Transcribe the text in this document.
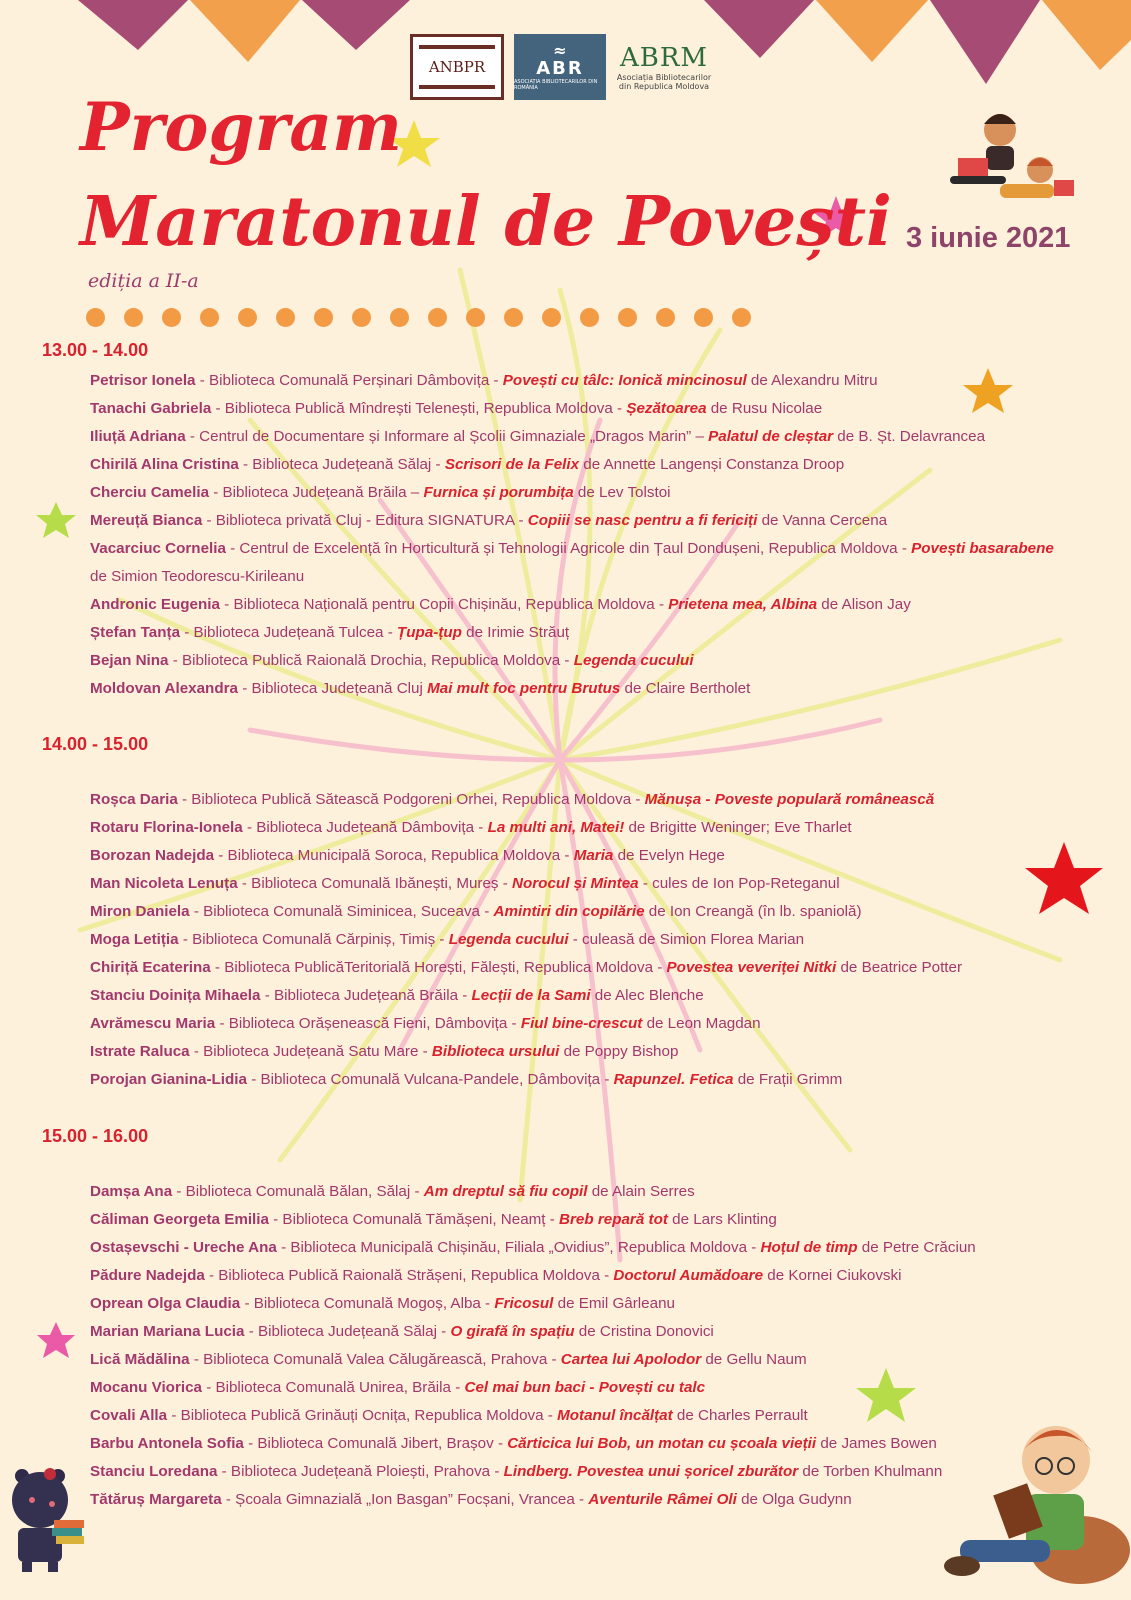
ANBPR
≈
ABR
ASOCIAȚIA BIBLIOTECARILOR DIN ROMÂNIA
ABRM
Asociația Bibliotecarilor din Republica Moldova
Program
Maratonul de Povești
ediția a II-a
3 iunie 2021
13.00 - 14.00
Petrisor Ionela - Biblioteca Comunală Perșinari Dâmbovița - Povești cu tâlc: Ionică mincinosul de Alexandru Mitru
Tanachi Gabriela - Biblioteca Publică Mîndrești Telenești, Republica Moldova - Șezătoarea de Rusu Nicolae
Iliuță Adriana - Centrul de Documentare și Informare al Școlii Gimnaziale „Dragos Marin” – Palatul de cleștar de B. Șt. Delavrancea
Chirilă Alina Cristina - Biblioteca Județeană Sălaj - Scrisori de la Felix de Annette Langenși Constanza Droop
Cherciu Camelia - Biblioteca Județeană Brăila – Furnica și porumbița de Lev Tolstoi
Mereuță Bianca - Biblioteca privată Cluj - Editura SIGNATURA - Copiii se nasc pentru a fi fericiți de Vanna Cercena
Vacarciuc Cornelia - Centrul de Excelență în Horticultură și Tehnologii Agricole din Țaul Dondușeni, Republica Moldova - Povești basarabene de Simion Teodorescu-Kirileanu
Andronic Eugenia - Biblioteca Națională pentru Copii Chișinău, Republica Moldova - Prietena mea, Albina de Alison Jay
Ștefan Tanța - Biblioteca Județeană Tulcea - Țupa-țup de Irimie Străuț
Bejan Nina - Biblioteca Publică Raională Drochia, Republica Moldova - Legenda cucului
Moldovan Alexandra - Biblioteca Județeană Cluj Mai mult foc pentru Brutus de Claire Bertholet
14.00 - 15.00
Roșca Daria - Biblioteca Publică Sătească Podgoreni Orhei, Republica Moldova - Mănușa - Poveste populară românească
Rotaru Florina-Ionela - Biblioteca Județeană Dâmbovița - La multi ani, Matei! de Brigitte Weninger; Eve Tharlet
Borozan Nadejda - Biblioteca Municipală Soroca, Republica Moldova - Maria de Evelyn Hege
Man Nicoleta Lenuța - Biblioteca Comunală Ibănești, Mureș - Norocul și Mintea - cules de Ion Pop-Reteganul
Miron Daniela - Biblioteca Comunală Siminicea, Suceava - Amintiri din copilărie de Ion Creangă (în lb. spaniolă)
Moga Letiția - Biblioteca Comunală Cărpiniș, Timiș - Legenda cucului - culeasă de Simion Florea Marian
Chiriță Ecaterina - Biblioteca PublicăTeritorială Horești, Fălești, Republica Moldova - Povestea veveriței Nitki de Beatrice Potter
Stanciu Doinița Mihaela - Biblioteca Județeană Brăila - Lecții de la Sami de Alec Blenche
Avrămescu Maria - Biblioteca Orășenească Fieni, Dâmbovița - Fiul bine-crescut de Leon Magdan
Istrate Raluca - Biblioteca Județeană Satu Mare - Biblioteca ursului de Poppy Bishop
Porojan Gianina-Lidia - Biblioteca Comunală Vulcana-Pandele, Dâmbovița - Rapunzel. Fetica de Frații Grimm
15.00 - 16.00
Damșa Ana - Biblioteca Comunală Bălan, Sălaj - Am dreptul să fiu copil de Alain Serres
Căliman Georgeta Emilia - Biblioteca Comunală Tămășeni, Neamț - Breb repară tot de Lars Klinting
Ostașevschi - Ureche Ana - Biblioteca Municipală Chișinău, Filiala „Ovidius”, Republica Moldova - Hoțul de timp de Petre Crăciun
Pădure Nadejda - Biblioteca Publică Raională Strășeni, Republica Moldova - Doctorul Aumădoare de Kornei Ciukovski
Oprean Olga Claudia - Biblioteca Comunală Mogoș, Alba - Fricosul de Emil Gârleanu
Marian Mariana Lucia - Biblioteca Județeană Sălaj - O girafă în spațiu de Cristina Donovici
Lică Mădălina - Biblioteca Comunală Valea Călugărească, Prahova - Cartea lui Apolodor de Gellu Naum
Mocanu Viorica - Biblioteca Comunală Unirea, Brăila - Cel mai bun baci - Povești cu talc
Covali Alla - Biblioteca Publică Grinăuți Ocnița, Republica Moldova - Motanul încălțat de Charles Perrault
Barbu Antonela Sofia - Biblioteca Comunală Jibert, Brașov - Cărticica lui Bob, un motan cu școala vieții de James Bowen
Stanciu Loredana - Biblioteca Județeană Ploiești, Prahova - Lindberg. Povestea unui șoricel zburător de Torben Khulmann
Tătăruș Margareta - Școala Gimnazială „Ion Basgan” Focșani, Vrancea - Aventurile Râmei Oli de Olga Gudynn
